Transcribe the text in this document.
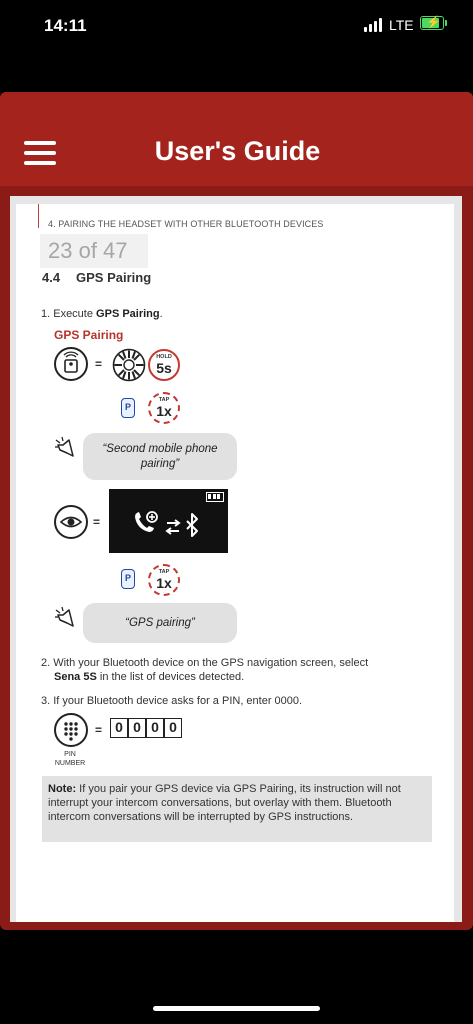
14:11	LTE ⚡
User's Guide
4. PAIRING THE HEADSET WITH OTHER BLUETOOTH DEVICES
23 of 47
4.4 GPS Pairing
1. Execute GPS Pairing.
GPS Pairing
=	HOLD
5s
P
TAP
1x
“Second mobile phone pairing”
=
P
TAP
1x
“GPS pairing”
2. With your Bluetooth device on the GPS navigation screen, select
Sena 5S in the list of devices detected.
3. If your Bluetooth device asks for a PIN, enter 0000.
= 0 0 0 0
PIN NUMBER
Note: If you pair your GPS device via GPS Pairing, its instruction will not interrupt your intercom conversations, but overlay with them. Bluetooth intercom conversations will be interrupted by GPS instructions.
